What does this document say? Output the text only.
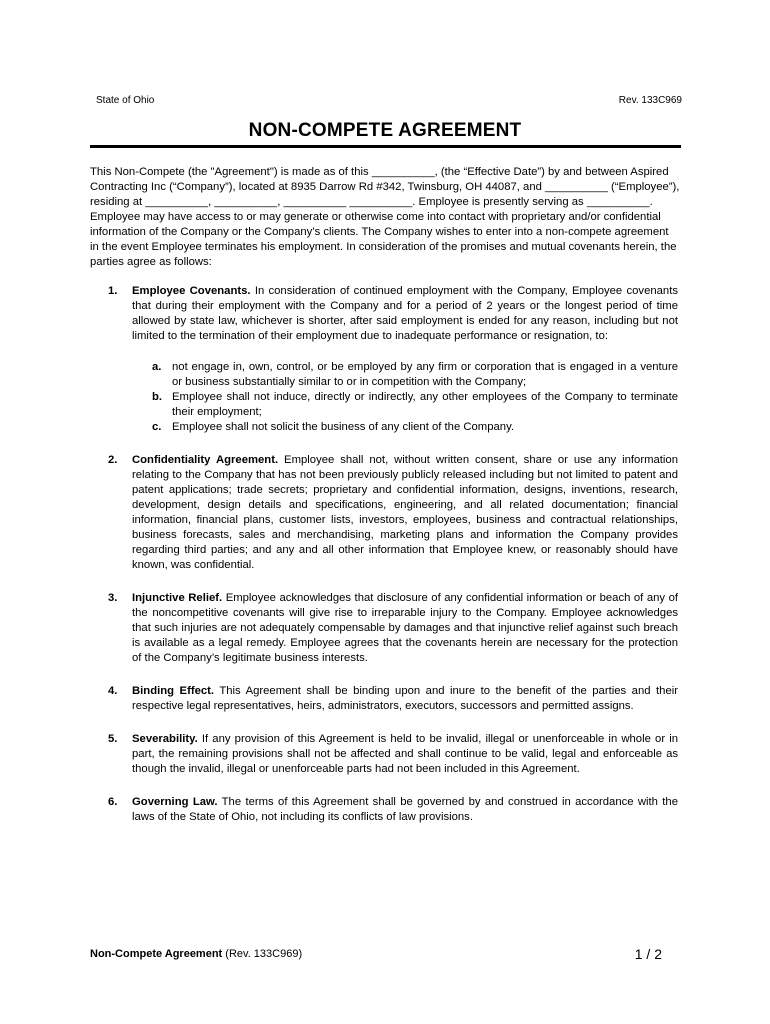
State of Ohio	Rev. 133C969
NON-COMPETE AGREEMENT

This Non-Compete (the "Agreement") is made as of this __________, (the “Effective Date”) by and between Aspired Contracting Inc (“Company”), located at 8935 Darrow Rd #342, Twinsburg, OH 44087, and __________ (“Employee”), residing at __________, __________, __________ __________. Employee is presently serving as __________. Employee may have access to or may generate or otherwise come into contact with proprietary and/or confidential information of the Company or the Company’s clients. The Company wishes to enter into a non-compete agreement in the event Employee terminates his employment. In consideration of the promises and mutual covenants herein, the parties agree as follows:

1.	Employee Covenants. In consideration of continued employment with the Company, Employee covenants that during their employment with the Company and for a period of 2 years or the longest period of time allowed by state law, whichever is shorter, after said employment is ended for any reason, including but not limited to the termination of their employment due to inadequate performance or resignation, to:
a. not engage in, own, control, or be employed by any firm or corporation that is engaged in a venture or business substantially similar to or in competition with the Company;
b. Employee shall not induce, directly or indirectly, any other employees of the Company to terminate their employment;
c. Employee shall not solicit the business of any client of the Company.
2.	Confidentiality Agreement. Employee shall not, without written consent, share or use any information relating to the Company that has not been previously publicly released including but not limited to patent and patent applications; trade secrets; proprietary and confidential information, designs, inventions, research, development, design details and specifications, engineering, and all related documentation; financial information, financial plans, customer lists, investors, employees, business and contractual relationships, business forecasts, sales and merchandising, marketing plans and information the Company provides regarding third parties; and any and all other information that Employee knew, or reasonably should have known, was confidential.
3.	Injunctive Relief. Employee acknowledges that disclosure of any confidential information or beach of any of the noncompetitive covenants will give rise to irreparable injury to the Company. Employee acknowledges that such injuries are not adequately compensable by damages and that injunctive relief against such breach is available as a legal remedy. Employee agrees that the covenants herein are necessary for the protection of the Company’s legitimate business interests.
4.	Binding Effect. This Agreement shall be binding upon and inure to the benefit of the parties and their respective legal representatives, heirs, administrators, executors, successors and permitted assigns.
5.	Severability. If any provision of this Agreement is held to be invalid, illegal or unenforceable in whole or in part, the remaining provisions shall not be affected and shall continue to be valid, legal and enforceable as though the invalid, illegal or unenforceable parts had not been included in this Agreement.
6.	Governing Law. The terms of this Agreement shall be governed by and construed in accordance with the laws of the State of Ohio, not including its conflicts of law provisions.
Non-Compete Agreement (Rev. 133C969)	1 / 2
